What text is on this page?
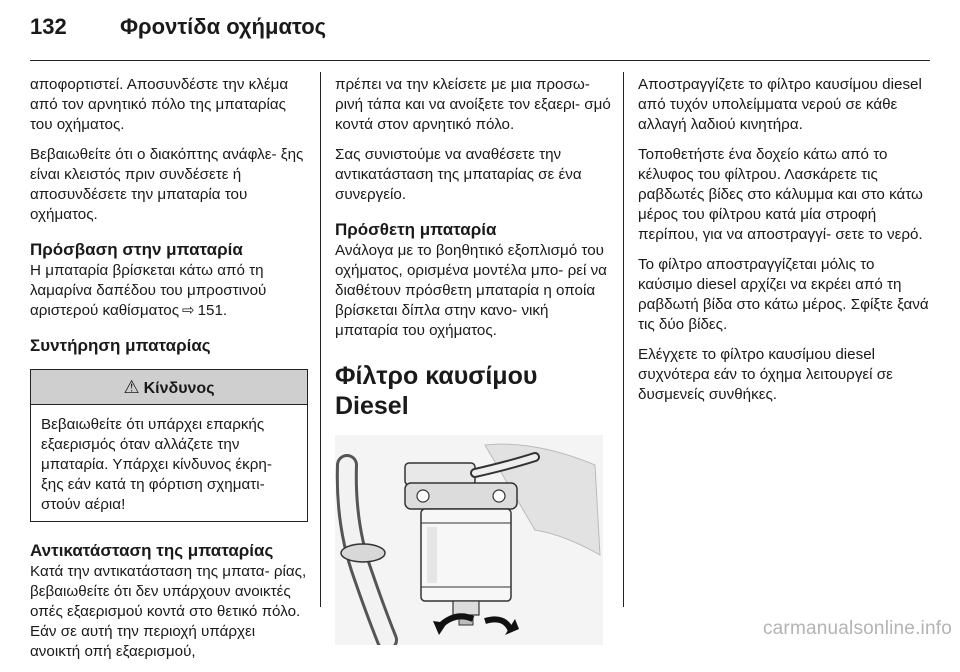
132 Φροντίδα οχήματος

αποφορτιστεί. Αποσυνδέστε την κλέμα από τον αρνητικό πόλο της μπαταρίας του οχήματος.

Βεβαιωθείτε ότι ο διακόπτης ανάφλε‐ ξης είναι κλειστός πριν συνδέσετε ή αποσυνδέσετε την μπαταρία του οχήματος.

Πρόσβαση στην μπαταρία

Η μπαταρία βρίσκεται κάτω από τη λαμαρίνα δαπέδου του μπροστινού αριστερού καθίσματος ⇨ 151.

Συντήρηση μπαταρίας
⚠ Κίνδυνος

Βεβαιωθείτε ότι υπάρχει επαρκής εξαερισμός όταν αλλάζετε την μπαταρία. Υπάρχει κίνδυνος έκρη‐ ξης εάν κατά τη φόρτιση σχηματι‐ στούν αέρια!

Αντικατάσταση της μπαταρίας

Κατά την αντικατάσταση της μπατα‐ ρίας, βεβαιωθείτε ότι δεν υπάρχουν ανοικτές οπές εξαερισμού κοντά στο θετικό πόλο. Εάν σε αυτή την περιοχή υπάρχει ανοικτή οπή εξαερισμού,

πρέπει να την κλείσετε με μια προσω‐ ρινή τάπα και να ανοίξετε τον εξαερι‐ σμό κοντά στον αρνητικό πόλο.

Σας συνιστούμε να αναθέσετε την αντικατάσταση της μπαταρίας σε ένα συνεργείο.

Πρόσθετη μπαταρία

Ανάλογα με το βοηθητικό εξοπλισμό του οχήματος, ορισμένα μοντέλα μπο‐ ρεί να διαθέτουν πρόσθετη μπαταρία η οποία βρίσκεται δίπλα στην κανο‐ νική μπαταρία του οχήματος.

Φίλτρο καυσίμου Diesel

Αποστραγγίζετε το φίλτρο καυσίμου diesel από τυχόν υπολείμματα νερού σε κάθε αλλαγή λαδιού κινητήρα.

Τοποθετήστε ένα δοχείο κάτω από το κέλυφος του φίλτρου. Λασκάρετε τις ραβδωτές βίδες στο κάλυμμα και στο κάτω μέρος του φίλτρου κατά μία στροφή περίπου, για να αποστραγγί‐ σετε το νερό.

Το φίλτρο αποστραγγίζεται μόλις το καύσιμο diesel αρχίζει να εκρέει από τη ραβδωτή βίδα στο κάτω μέρος. Σφίξτε ξανά τις δύο βίδες.

Ελέγχετε το φίλτρο καυσίμου diesel συχνότερα εάν το όχημα λειτουργεί σε δυσμενείς συνθήκες.

carmanualsonline.info
